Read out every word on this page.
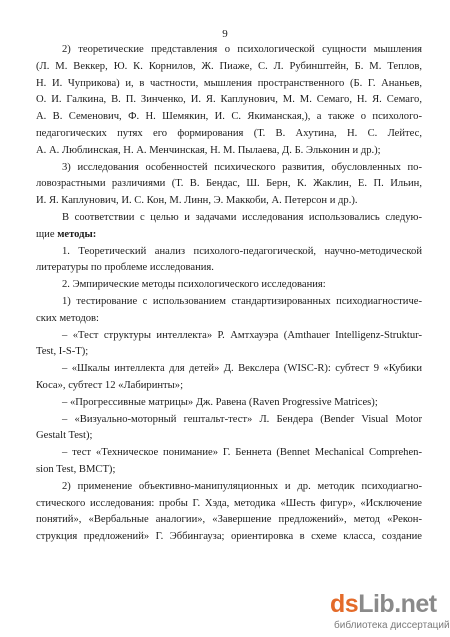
9
2) теоретические представления о психологической сущности мышления
(Л. М. Веккер, Ю. К. Корнилов, Ж. Пиаже, С. Л. Рубинштейн, Б. М. Теплов,
Н. И. Чуприкова) и, в частности, мышления пространственного (Б. Г. Ананьев,
О. И. Галкина, В. П. Зинченко, И. Я. Каплунович, М. М. Семаго, Н. Я. Семаго,
А. В. Семенович, Ф. Н. Шемякин, И. С. Якиманская,), а также о психолого-
педагогических путях его формирования (Т. В. Ахутина, Н. С. Лейтес,
А. А. Люблинская, Н. А. Менчинская, Н. М. Пылаева, Д. Б. Эльконин и др.);
3) исследования особенностей психического развития, обусловленных по-
ловозрастными различиями (Т. В. Бендас, Ш. Берн, К. Жаклин, Е. П. Ильин,
И. Я. Каплунович, И. С. Кон, М. Линн, Э. Маккоби, А. Петерсон и др.).
В соответствии с целью и задачами исследования использовались следую-
щие методы:
1. Теоретический анализ психолого-педагогической, научно-методической
литературы по проблеме исследования.
2. Эмпирические методы психологического исследования:
1) тестирование с использованием стандартизированных психодиагностиче-
ских методов:
– «Тест структуры интеллекта» Р. Амтхауэра (Amthauer Intelligenz-Struktur-
Test, I-S-T);
– «Шкалы интеллекта для детей» Д. Векслера (WISC-R): субтест 9 «Кубики
Коса», субтест 12 «Лабиринты»;
– «Прогрессивные матрицы» Дж. Равена (Raven Progressive Matrices);
– «Визуально-моторный гештальт-тест» Л. Бендера (Bender Visual Motor
Gestalt Test);
– тест «Техническое понимание» Г. Беннета (Bennet Mechanical Comprehen-
sion Test, BMCT);
2) применение объективно-манипуляционных и др. методик психодиагно-
стического исследования: пробы Г. Хэда, методика «Шесть фигур», «Исключение
понятий», «Вербальные аналогии», «Завершение предложений», метод «Рекон-
струкция предложений» Г. Эббингауза; ориентировка в схеме класса, создание
dsLib.net
библиотека диссертаций
